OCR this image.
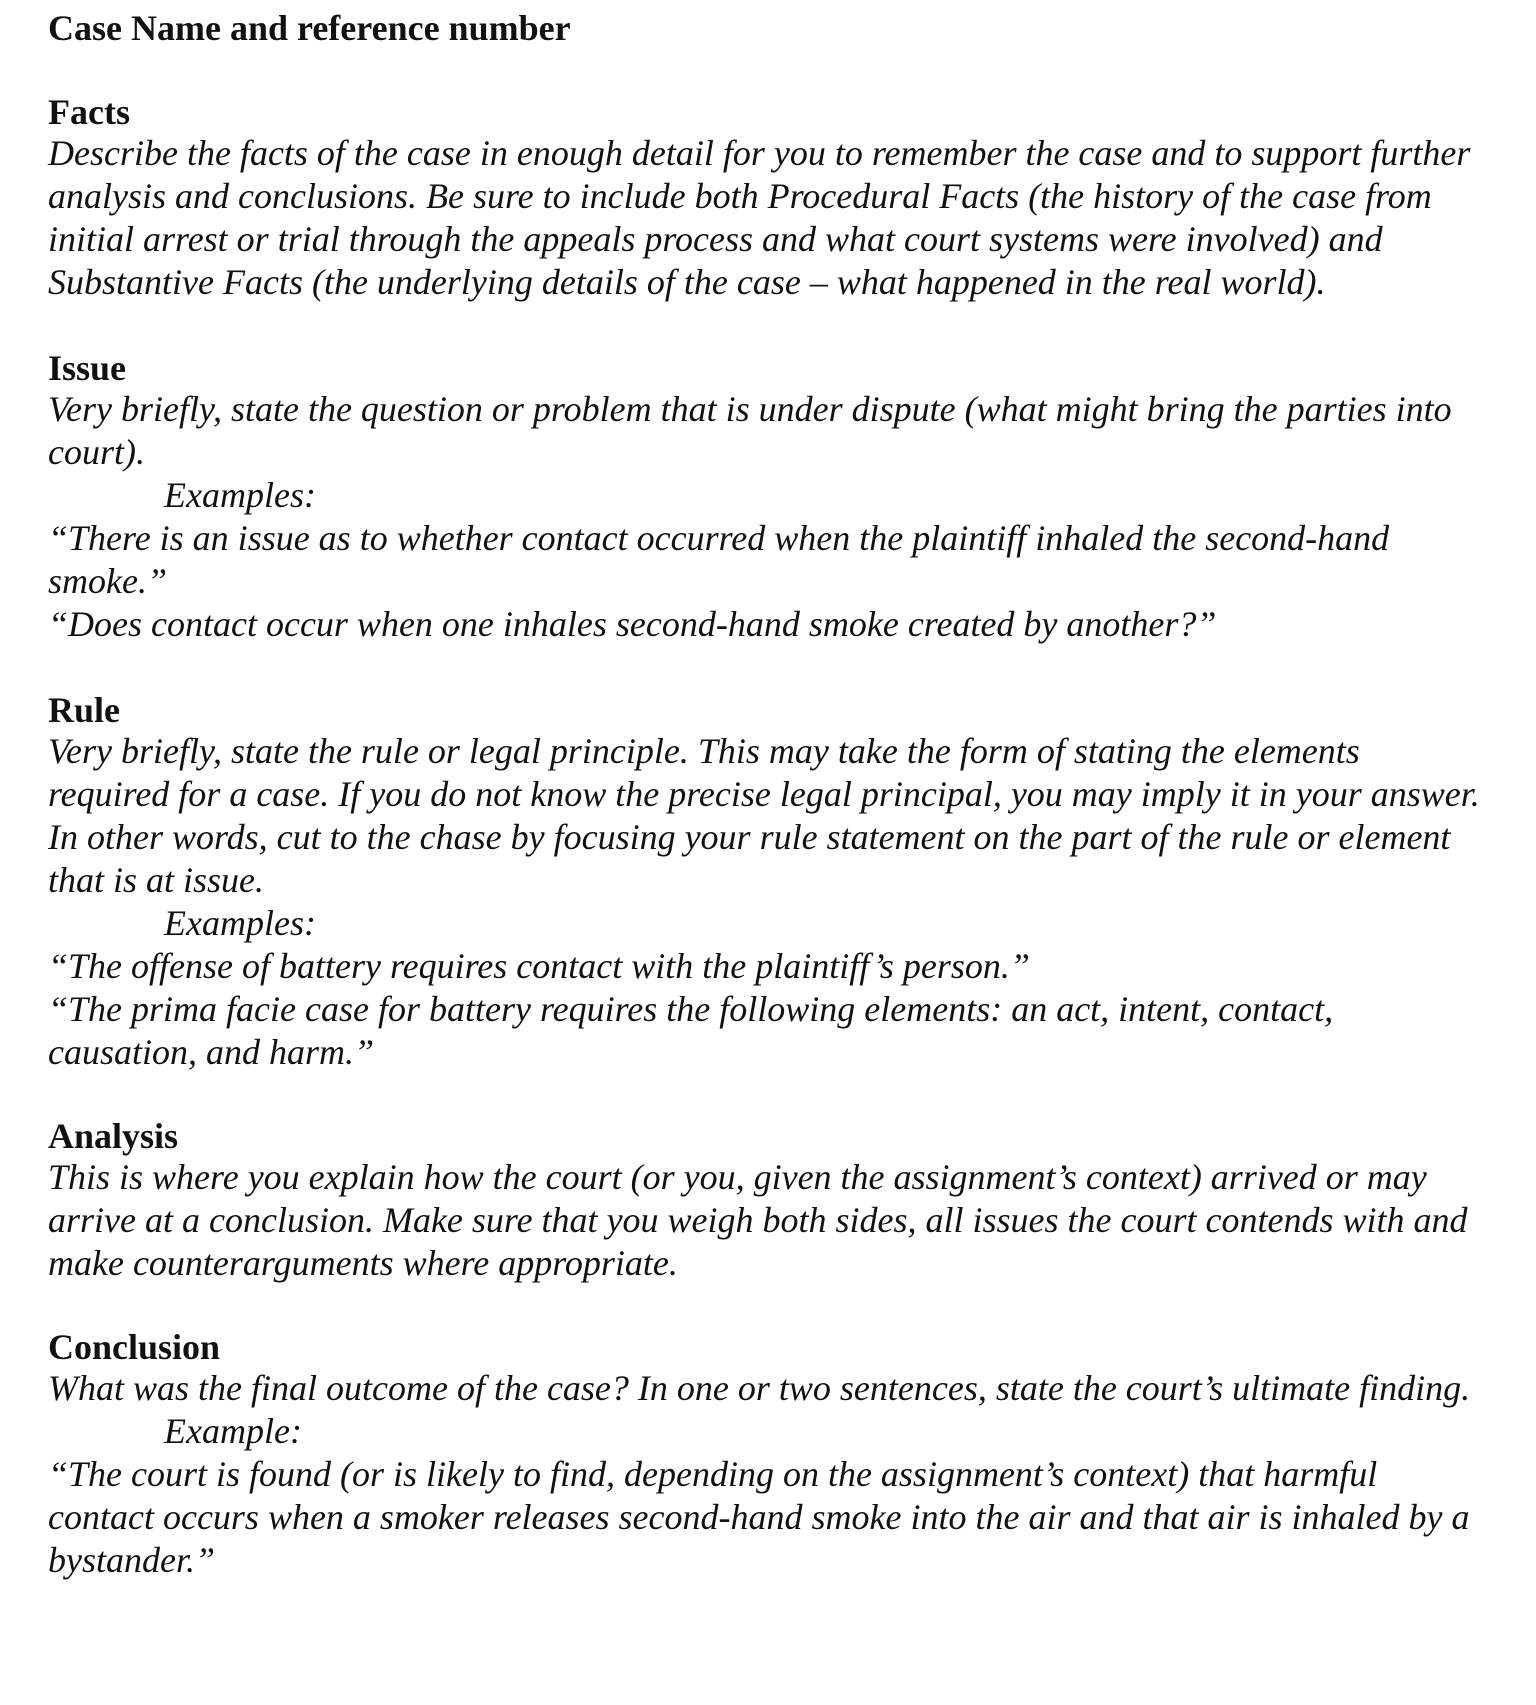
Case Name and reference number
Facts

Describe the facts of the case in enough detail for you to remember the case and to support further analysis and conclusions. Be sure to include both Procedural Facts (the history of the case from initial arrest or trial through the appeals process and what court systems were involved) and Substantive Facts (the underlying details of the case – what happened in the real world).

Issue

Very briefly, state the question or problem that is under dispute (what might bring the parties into court).

Examples:

“There is an issue as to whether contact occurred when the plaintiff inhaled the second-hand smoke.”

“Does contact occur when one inhales second-hand smoke created by another?”

Rule

Very briefly, state the rule or legal principle. This may take the form of stating the elements required for a case. If you do not know the precise legal principal, you may imply it in your answer. In other words, cut to the chase by focusing your rule statement on the part of the rule or element that is at issue.

Examples:

“The offense of battery requires contact with the plaintiff’s person.”

“The prima facie case for battery requires the following elements: an act, intent, contact, causation, and harm.”

Analysis

This is where you explain how the court (or you, given the assignment’s context) arrived or may arrive at a conclusion. Make sure that you weigh both sides, all issues the court contends with and make counterarguments where appropriate.

Conclusion

What was the final outcome of the case? In one or two sentences, state the court’s ultimate finding.

Example:

“The court is found (or is likely to find, depending on the assignment’s context) that harmful contact occurs when a smoker releases second-hand smoke into the air and that air is inhaled by a bystander.”
